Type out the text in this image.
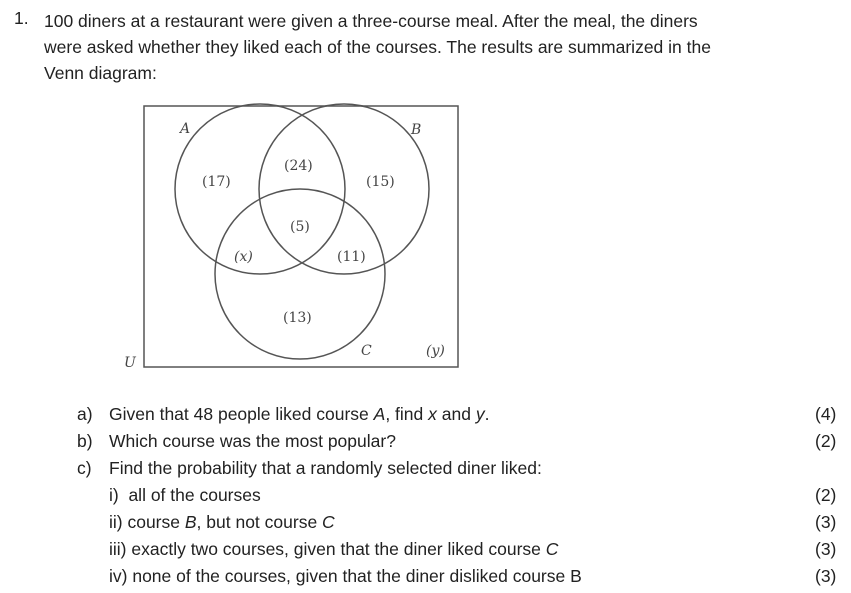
1. 100 diners at a restaurant were given a three-course meal. After the meal, the diners
were asked whether they liked each of the courses. The results are summarized in the
Venn diagram:
A	B
C
U
(17)
(24)
(15)
(5)
(x)	(11)
(13)
(y)
a) Given that 48 people liked course A, find x and y.	(4)
b) Which course was the most popular?	(2)
c) Find the probability that a randomly selected diner liked:
i)  all of the courses	(2)
ii) course B, but not course C	(3)
iii) exactly two courses, given that the diner liked course C	(3)
iv) none of the courses, given that the diner disliked course B	(3)
